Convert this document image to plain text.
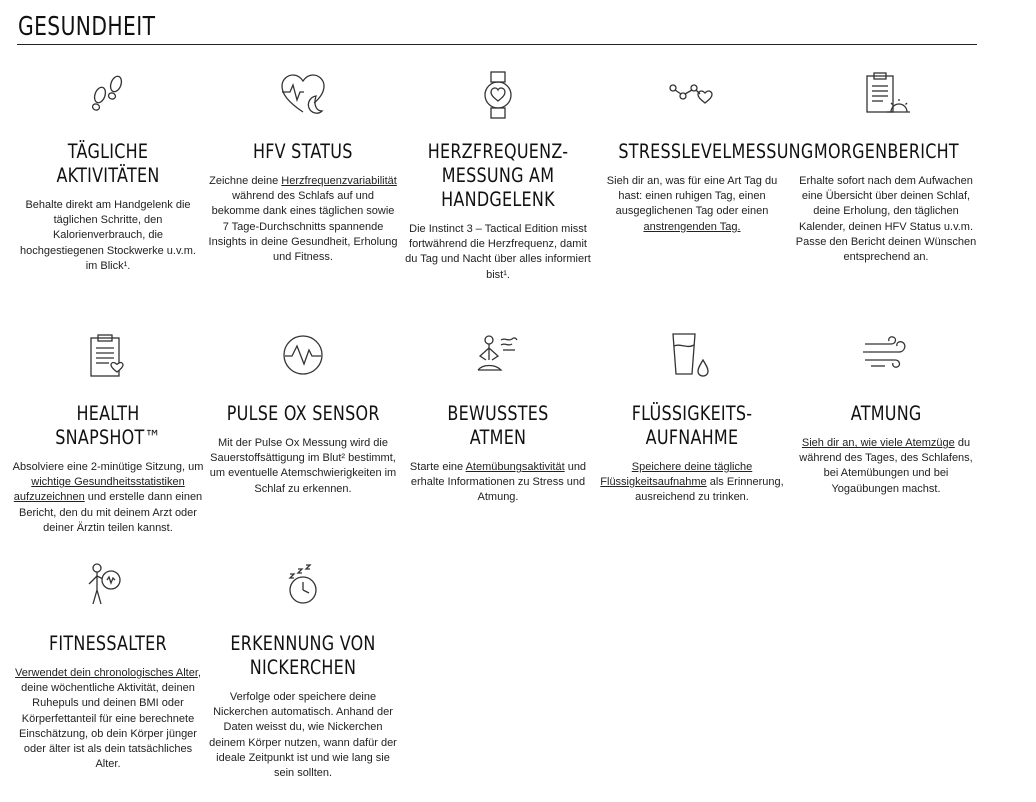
GESUNDHEIT
TÄGLICHE AKTIVITÄTEN

Behalte direkt am Handgelenk die täglichen Schritte, den Kalorienverbrauch, die hochgestiegenen Stockwerke u.v.m. im Blick¹.

HFV STATUS

Zeichne deine Herzfrequenzvariabilität während des Schlafs auf und bekomme dank eines täglichen sowie 7 Tage-Durchschnitts spannende Insights in deine Gesundheit, Erholung und Fitness.

HERZFREQUENZ-MESSUNG AM HANDGELENK

Die Instinct 3 – Tactical Edition misst fortwährend die Herzfrequenz, damit du Tag und Nacht über alles informiert bist¹.

STRESSLEVELMESSUNG

Sieh dir an, was für eine Art Tag du hast: einen ruhigen Tag, einen ausgeglichenen Tag oder einen anstrengenden Tag.

MORGENBERICHT

Erhalte sofort nach dem Aufwachen eine Übersicht über deinen Schlaf, deine Erholung, den täglichen Kalender, deinen HFV Status u.v.m. Passe den Bericht deinen Wünschen entsprechend an.

HEALTH SNAPSHOT™

Absolviere eine 2-minütige Sitzung, um wichtige Gesundheitsstatistiken aufzuzeichnen und erstelle dann einen Bericht, den du mit deinem Arzt oder deiner Ärztin teilen kannst.

PULSE OX SENSOR

Mit der Pulse Ox Messung wird die Sauerstoffsättigung im Blut² bestimmt, um eventuelle Atemschwierigkeiten im Schlaf zu erkennen.

BEWUSSTES ATMEN

Starte eine Atemübungsaktivität und erhalte Informationen zu Stress und Atmung.

FLÜSSIGKEITS-AUFNAHME

Speichere deine tägliche Flüssigkeitsaufnahme als Erinnerung, ausreichend zu trinken.

ATMUNG

Sieh dir an, wie viele Atemzüge du während des Tages, des Schlafens, bei Atemübungen und bei Yogaübungen machst.

FITNESSALTER

Verwendet dein chronologisches Alter, deine wöchentliche Aktivität, deinen Ruhepuls und deinen BMI oder Körperfettanteil für eine berechnete Einschätzung, ob dein Körper jünger oder älter ist als dein tatsächliches Alter.

ERKENNUNG VON NICKERCHEN

Verfolge oder speichere deine Nickerchen automatisch. Anhand der Daten weisst du, wie Nickerchen deinem Körper nutzen, wann dafür der ideale Zeitpunkt ist und wie lang sie sein sollten.
